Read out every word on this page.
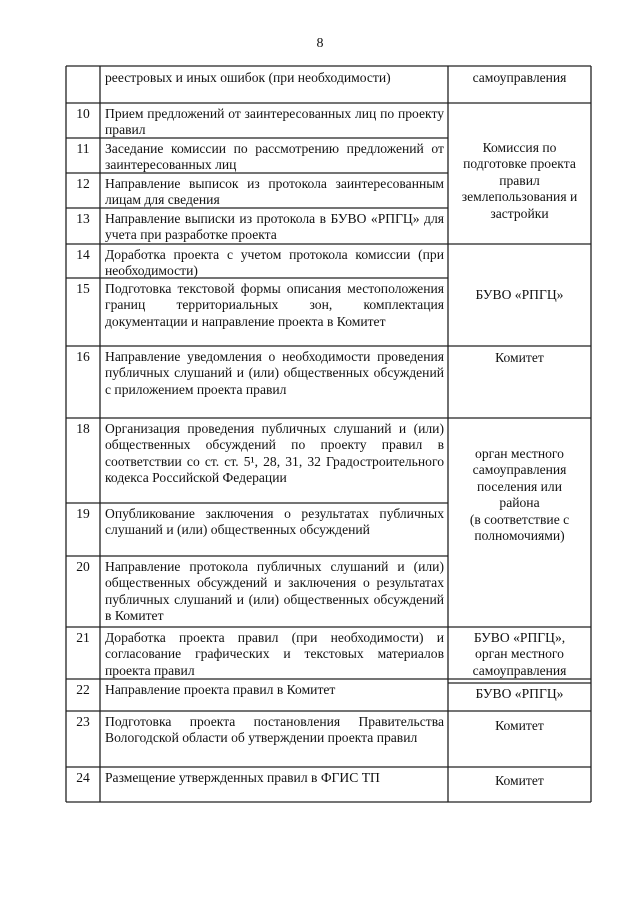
8
10
11
12
13
14
15
16
18
19
20
21
22
23
24
реестровых и иных ошибок (при необходимости)
Прием предложений от заинтересованных лиц по проекту правил
Заседание комиссии по рассмотрению предложений от заинтересованных лиц
Направление выписок из протокола заинтересованным лицам для сведения
Направление выписки из протокола в БУВО «РПГЦ» для учета при разработке проекта
Доработка проекта с учетом протокола комиссии (при необходимости)
Подготовка текстовой формы описания местоположения границ территориальных зон, комплектация документации и направление проекта в Комитет
Направление уведомления о необходимости проведения публичных слушаний и (или) общественных обсуждений с приложением проекта правил
Организация проведения публичных слушаний и (или) общественных обсуждений по проекту правил в соответствии со ст. ст. 5¹, 28, 31, 32 Градостроительного кодекса Российской Федерации
Опубликование заключения о результатах публичных слушаний и (или) общественных обсуждений
Направление протокола публичных слушаний и (или) общественных обсуждений и заключения о результатах публичных слушаний и (или) общественных обсуждений в Комитет
Доработка проекта правил (при необходимости) и согласование графических и текстовых материалов проекта правил
Направление проекта правил в Комитет
Подготовка проекта постановления Правительства Вологодской области об утверждении проекта правил
Размещение утвержденных правил в ФГИС ТП
самоуправления
Комиссия по
подготовке проекта
правил
землепользования и
застройки
БУВО «РПГЦ»
Комитет
орган местного
самоуправления
поселения или
района
(в соответствие с
полномочиями)
БУВО «РПГЦ»,
орган местного
самоуправления
БУВО «РПГЦ»
Комитет
Комитет
